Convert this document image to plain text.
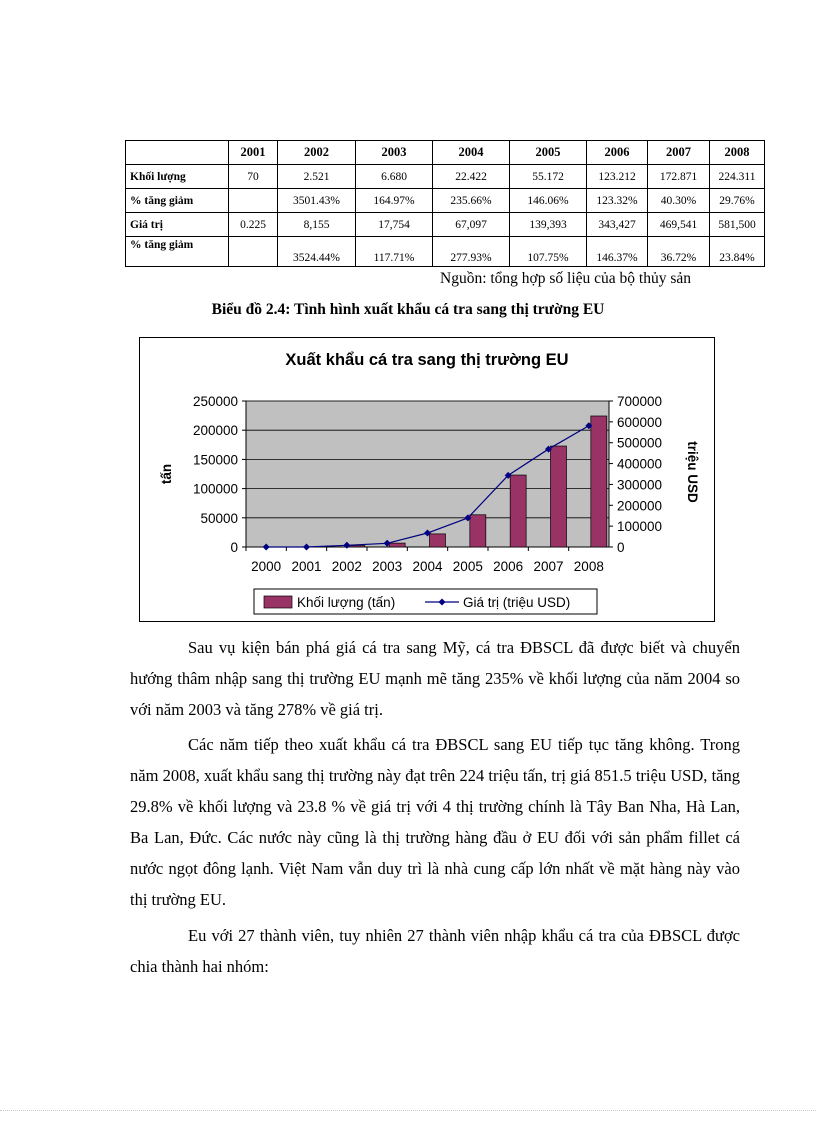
	2001	2002	2003	2004	2005	2006	2007	2008
Khối lượng	70	2.521	6.680	22.422	55.172	123.212	172.871	224.311
% tăng giảm		3501.43%	164.97%	235.66%	146.06%	123.32%	40.30%	29.76%
Giá trị	0.225	8,155	17,754	67,097	139,393	343,427	469,541	581,500
% tăng giảm		3524.44%	117.71%	277.93%	107.75%	146.37%	36.72%	23.84%
Nguồn: tổng hợp số liệu của bộ thủy sản
Biểu đồ 2.4: Tình hình xuất khẩu cá tra sang thị trường EU
Xuất khẩu cá tra sang thị trường EU
0
50000
100000
150000
200000
250000
0
100000
200000
300000
400000
500000
600000
700000
tấn	triệu USD
2000 2001 2002 2003 2004 2005 2006 2007 2008
Khối lượng (tấn)	Giá trị (triệu USD)

Sau vụ kiện bán phá giá cá tra sang Mỹ, cá tra ĐBSCL đã được biết và chuyển hướng thâm nhập sang thị trường EU mạnh mẽ tăng 235% về khối lượng của năm 2004 so với năm 2003 và tăng 278% về giá trị.

Các năm tiếp theo xuất khẩu cá tra ĐBSCL sang EU tiếp tục tăng không. Trong năm 2008, xuất khẩu sang thị trường này đạt trên 224 triệu tấn, trị giá 851.5 triệu USD, tăng 29.8% về khối lượng và 23.8 % về giá trị với 4 thị trường chính là Tây Ban Nha, Hà Lan, Ba Lan, Đức. Các nước này cũng là thị trường hàng đầu ở EU đối với sản phẩm fillet cá nước ngọt đông lạnh. Việt Nam vẫn duy trì là nhà cung cấp lớn nhất về mặt hàng này vào thị trường EU.

Eu với 27 thành viên, tuy nhiên 27 thành viên nhập khẩu cá tra của ĐBSCL được chia thành hai nhóm:
